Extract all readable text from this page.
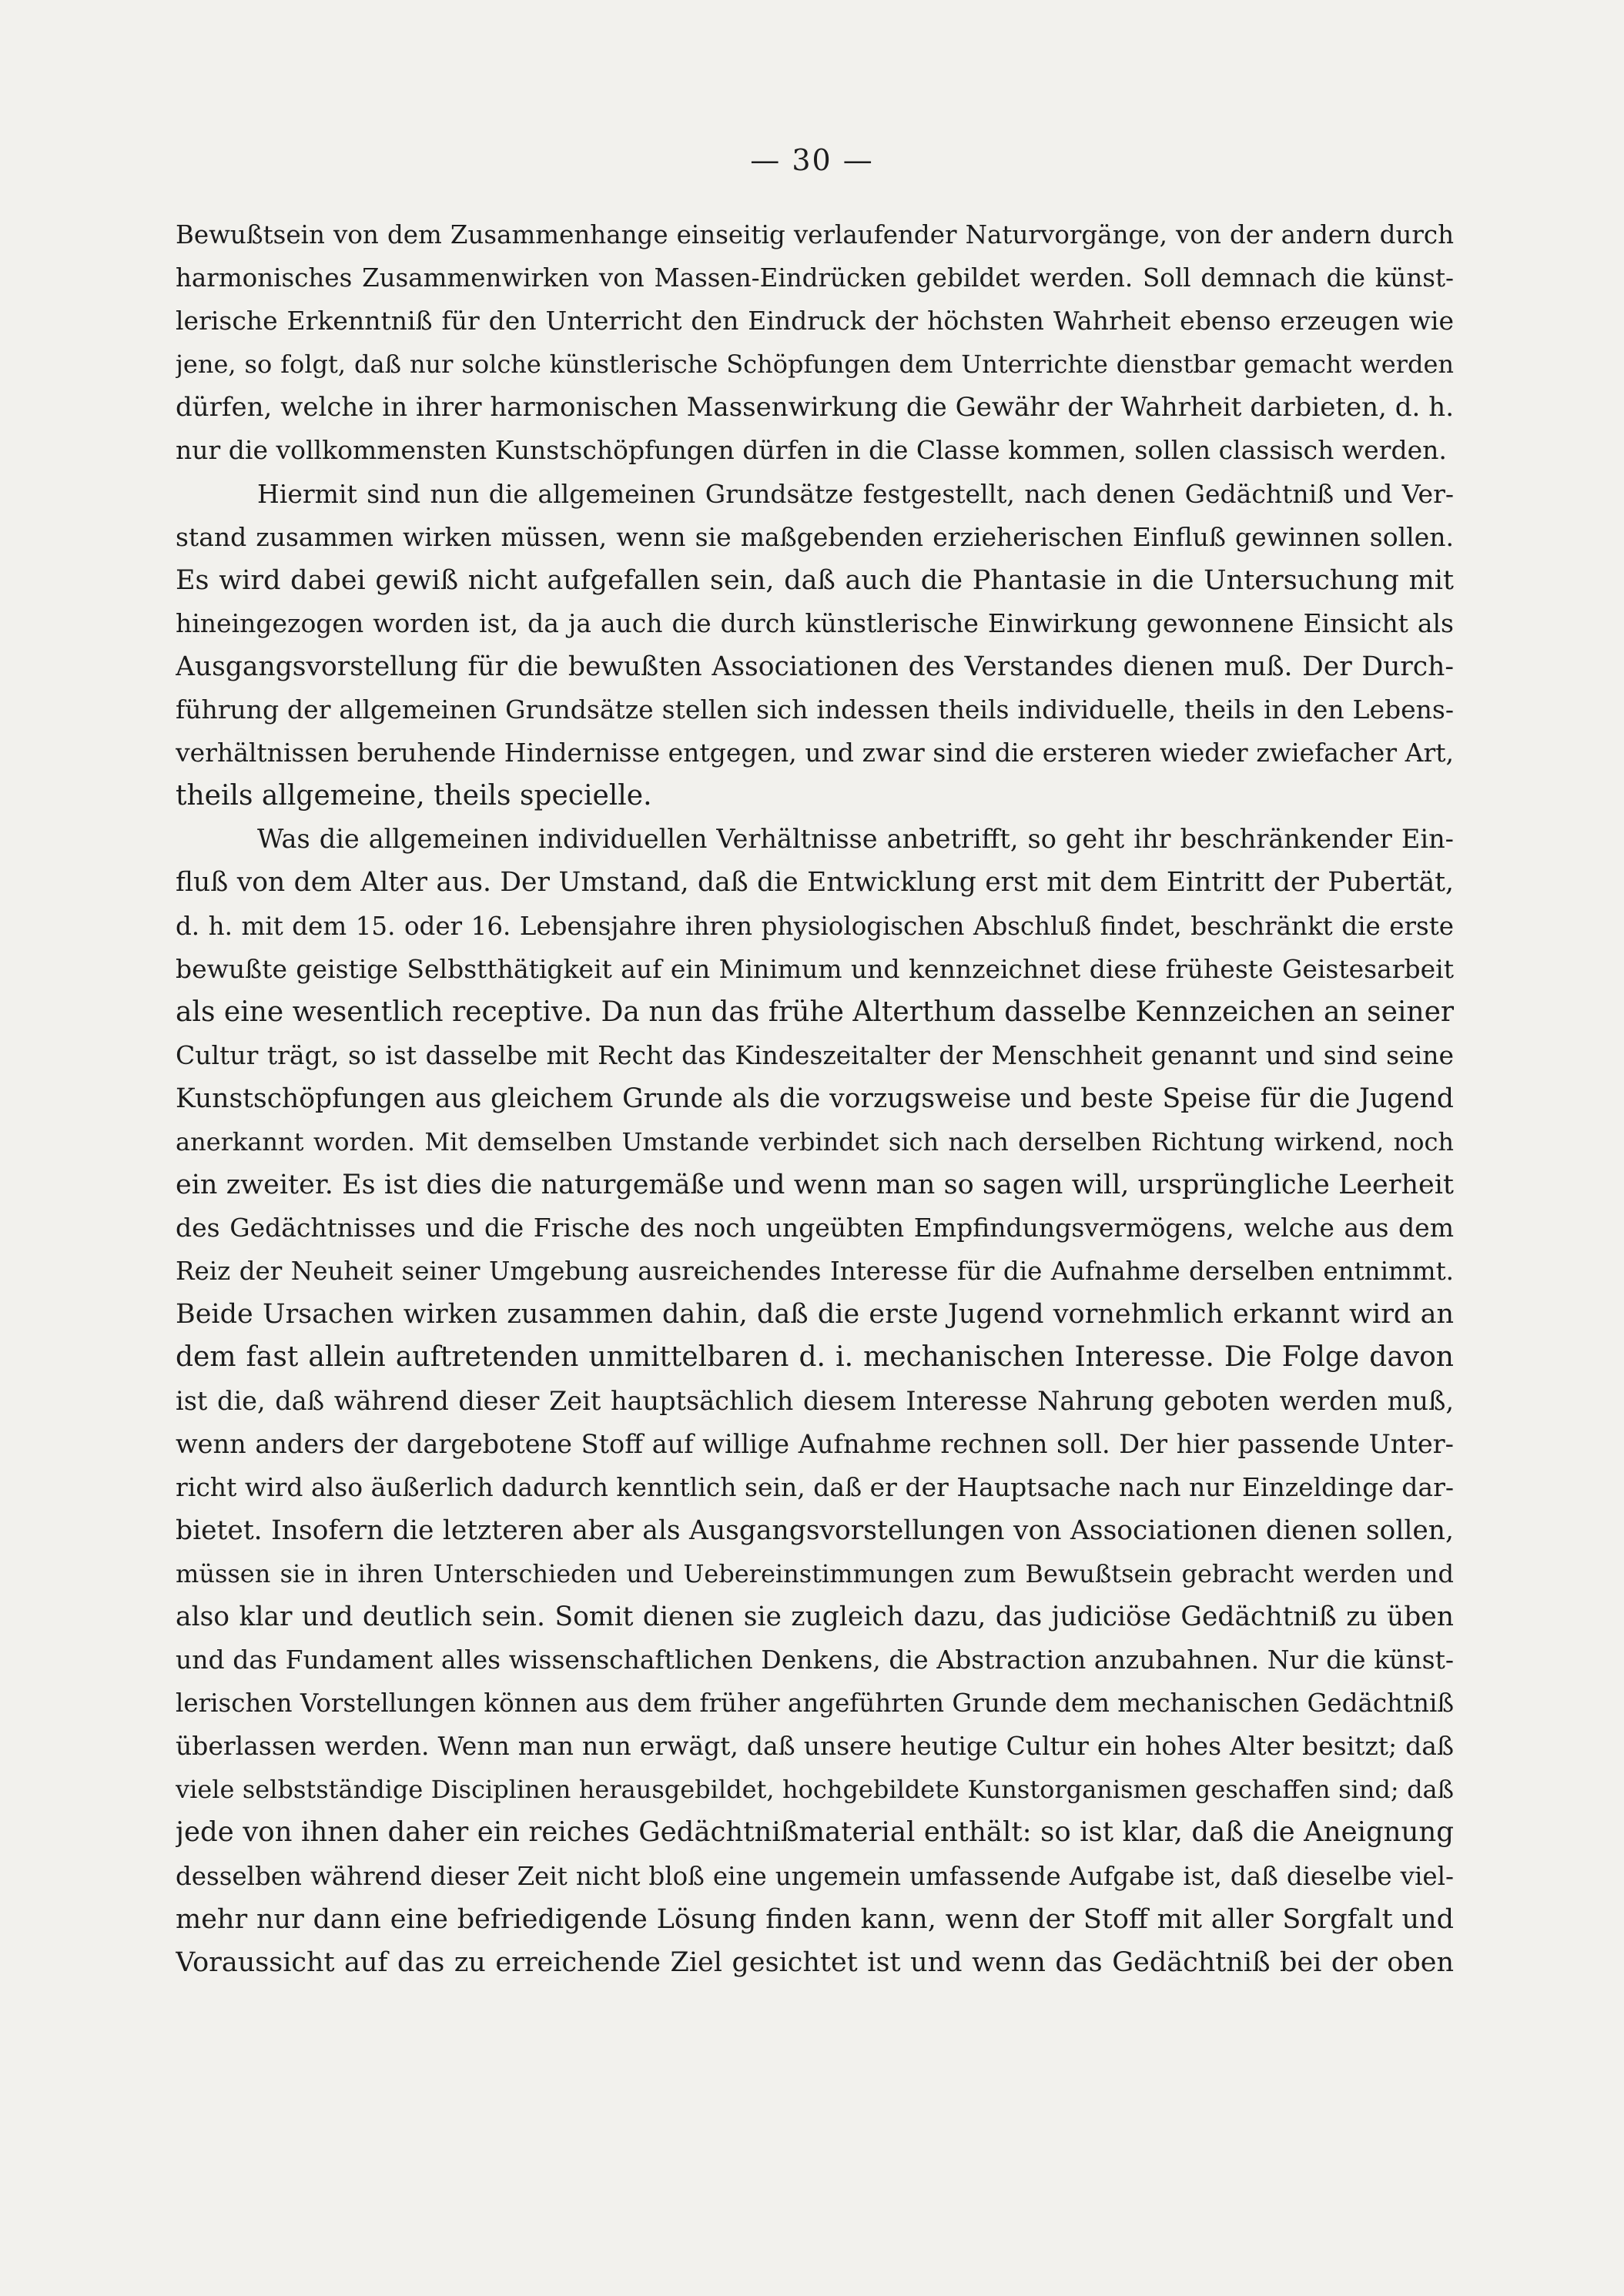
— 30 —
Bewußtsein von dem Zusammenhange einseitig verlaufender Naturvorgänge, von der andern durch
harmonisches Zusammenwirken von Massen-Eindrücken gebildet werden. Soll demnach die künst-
lerische Erkenntniß für den Unterricht den Eindruck der höchsten Wahrheit ebenso erzeugen wie
jene, so folgt, daß nur solche künstlerische Schöpfungen dem Unterrichte dienstbar gemacht werden
dürfen, welche in ihrer harmonischen Massenwirkung die Gewähr der Wahrheit darbieten, d. h.
nur die vollkommensten Kunstschöpfungen dürfen in die Classe kommen, sollen classisch werden.
Hiermit sind nun die allgemeinen Grundsätze festgestellt, nach denen Gedächtniß und Ver-
stand zusammen wirken müssen, wenn sie maßgebenden erzieherischen Einfluß gewinnen sollen.
Es wird dabei gewiß nicht aufgefallen sein, daß auch die Phantasie in die Untersuchung mit
hineingezogen worden ist, da ja auch die durch künstlerische Einwirkung gewonnene Einsicht als
Ausgangsvorstellung für die bewußten Associationen des Verstandes dienen muß. Der Durch-
führung der allgemeinen Grundsätze stellen sich indessen theils individuelle, theils in den Lebens-
verhältnissen beruhende Hindernisse entgegen, und zwar sind die ersteren wieder zwiefacher Art,
theils allgemeine, theils specielle.
Was die allgemeinen individuellen Verhältnisse anbetrifft, so geht ihr beschränkender Ein-
fluß von dem Alter aus. Der Umstand, daß die Entwicklung erst mit dem Eintritt der Pubertät,
d. h. mit dem 15. oder 16. Lebensjahre ihren physiologischen Abschluß findet, beschränkt die erste
bewußte geistige Selbstthätigkeit auf ein Minimum und kennzeichnet diese früheste Geistesarbeit
als eine wesentlich receptive. Da nun das frühe Alterthum dasselbe Kennzeichen an seiner
Cultur trägt, so ist dasselbe mit Recht das Kindeszeitalter der Menschheit genannt und sind seine
Kunstschöpfungen aus gleichem Grunde als die vorzugsweise und beste Speise für die Jugend
anerkannt worden. Mit demselben Umstande verbindet sich nach derselben Richtung wirkend, noch
ein zweiter. Es ist dies die naturgemäße und wenn man so sagen will, ursprüngliche Leerheit
des Gedächtnisses und die Frische des noch ungeübten Empfindungsvermögens, welche aus dem
Reiz der Neuheit seiner Umgebung ausreichendes Interesse für die Aufnahme derselben entnimmt.
Beide Ursachen wirken zusammen dahin, daß die erste Jugend vornehmlich erkannt wird an
dem fast allein auftretenden unmittelbaren d. i. mechanischen Interesse. Die Folge davon
ist die, daß während dieser Zeit hauptsächlich diesem Interesse Nahrung geboten werden muß,
wenn anders der dargebotene Stoff auf willige Aufnahme rechnen soll. Der hier passende Unter-
richt wird also äußerlich dadurch kenntlich sein, daß er der Hauptsache nach nur Einzeldinge dar-
bietet. Insofern die letzteren aber als Ausgangsvorstellungen von Associationen dienen sollen,
müssen sie in ihren Unterschieden und Uebereinstimmungen zum Bewußtsein gebracht werden und
also klar und deutlich sein. Somit dienen sie zugleich dazu, das judiciöse Gedächtniß zu üben
und das Fundament alles wissenschaftlichen Denkens, die Abstraction anzubahnen. Nur die künst-
lerischen Vorstellungen können aus dem früher angeführten Grunde dem mechanischen Gedächtniß
überlassen werden. Wenn man nun erwägt, daß unsere heutige Cultur ein hohes Alter besitzt; daß
viele selbstständige Disciplinen herausgebildet, hochgebildete Kunstorganismen geschaffen sind; daß
jede von ihnen daher ein reiches Gedächtnißmaterial enthält: so ist klar, daß die Aneignung
desselben während dieser Zeit nicht bloß eine ungemein umfassende Aufgabe ist, daß dieselbe viel-
mehr nur dann eine befriedigende Lösung finden kann, wenn der Stoff mit aller Sorgfalt und
Voraussicht auf das zu erreichende Ziel gesichtet ist und wenn das Gedächtniß bei der oben
